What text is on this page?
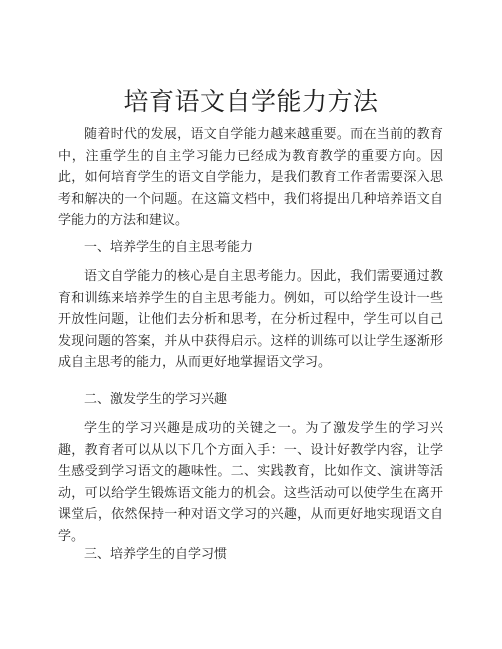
培育语文自学能力方法

随着时代的发展，语文自学能力越来越重要。而在当前的教育中，注重学生的自主学习能力已经成为教育教学的重要方向。因此，如何培育学生的语文自学能力，是我们教育工作者需要深入思考和解决的一个问题。在这篇文档中，我们将提出几种培养语文自学能力的方法和建议。

一、培养学生的自主思考能力

语文自学能力的核心是自主思考能力。因此，我们需要通过教育和训练来培养学生的自主思考能力。例如，可以给学生设计一些开放性问题，让他们去分析和思考，在分析过程中，学生可以自己发现问题的答案，并从中获得启示。这样的训练可以让学生逐渐形成自主思考的能力，从而更好地掌握语文学习。

二、激发学生的学习兴趣

学生的学习兴趣是成功的关键之一。为了激发学生的学习兴趣，教育者可以从以下几个方面入手：一、设计好教学内容，让学生感受到学习语文的趣味性。二、实践教育，比如作文、演讲等活动，可以给学生锻炼语文能力的机会。这些活动可以使学生在离开课堂后，依然保持一种对语文学习的兴趣，从而更好地实现语文自学。

三、培养学生的自学习惯
